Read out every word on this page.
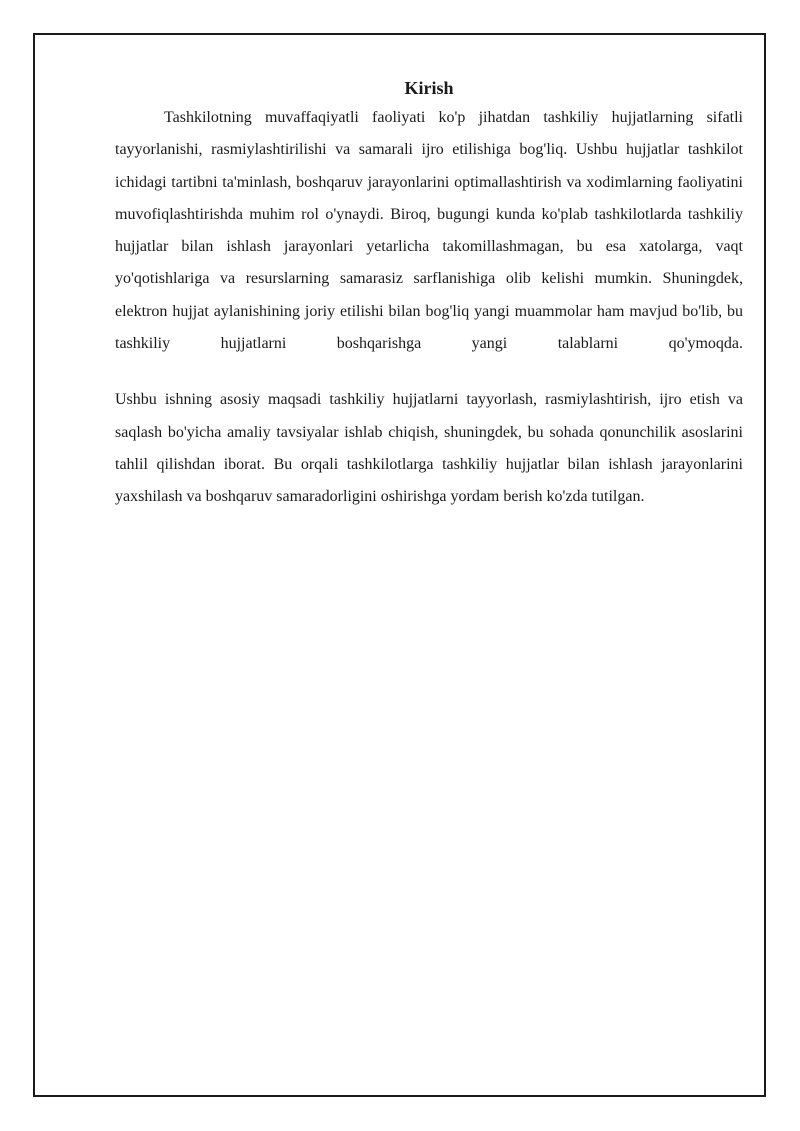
Kirish

Tashkilotning muvaffaqiyatli faoliyati ko'p jihatdan tashkiliy hujjatlarning sifatli tayyorlanishi, rasmiylashtirilishi va samarali ijro etilishiga bog'liq. Ushbu hujjatlar tashkilot ichidagi tartibni ta'minlash, boshqaruv jarayonlarini optimallashtirish va xodimlarning faoliyatini muvofiqlashtirishda muhim rol o'ynaydi. Biroq, bugungi kunda ko'plab tashkilotlarda tashkiliy hujjatlar bilan ishlash jarayonlari yetarlicha takomillashmagan, bu esa xatolarga, vaqt yo'qotishlariga va resurslarning samarasiz sarflanishiga olib kelishi mumkin. Shuningdek, elektron hujjat aylanishining joriy etilishi bilan bog'liq yangi muammolar ham mavjud bo'lib, bu tashkiliy hujjatlarni boshqarishga yangi talablarni qo'ymoqda.

Ushbu ishning asosiy maqsadi tashkiliy hujjatlarni tayyorlash, rasmiylashtirish, ijro etish va saqlash bo'yicha amaliy tavsiyalar ishlab chiqish, shuningdek, bu sohada qonunchilik asoslarini tahlil qilishdan iborat. Bu orqali tashkilotlarga tashkiliy hujjatlar bilan ishlash jarayonlarini yaxshilash va boshqaruv samaradorligini oshirishga yordam berish ko'zda tutilgan.
